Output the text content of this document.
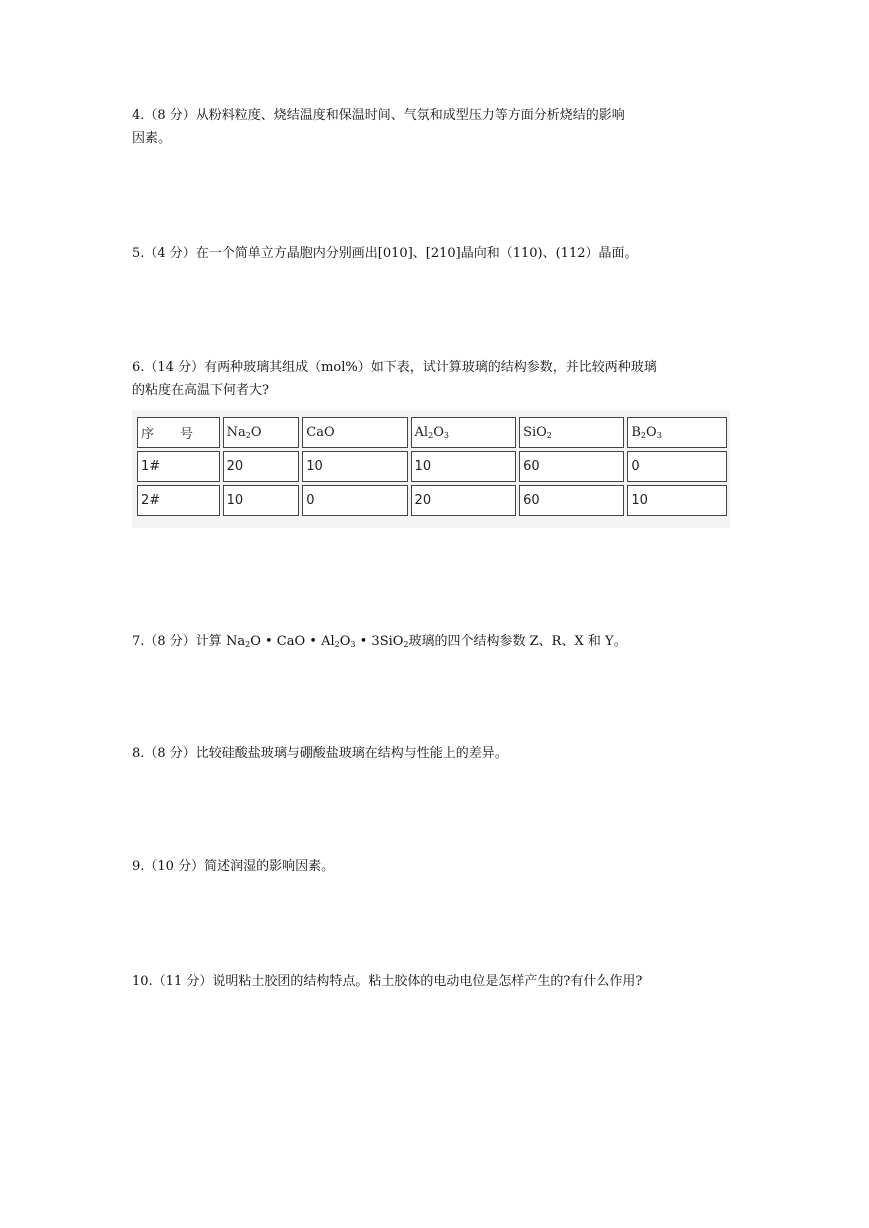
4.（8 分）从粉料粒度、烧结温度和保温时间、气氛和成型压力等方面分析烧结的影响
因素。
5.（4 分）在一个简单立方晶胞内分别画出[010]、[210]晶向和（110)、(112）晶面。
6.（14 分）有两种玻璃其组成（mol%）如下表，试计算玻璃的结构参数，并比较两种玻璃
的粘度在高温下何者大?
序　　号	$Na_2O$	CaO	$Al_2O_3$	SiO$_2$	$B_2O_3$
1#	20	10	10	60	0
2#	10	0	20	60	10
7.（8 分）计算 $Na_2O$ • CaO • $Al_2O_3$ • 3SiO$_2$玻璃的四个结构参数 Z、R、X 和 Y。
8.（8 分）比较硅酸盐玻璃与硼酸盐玻璃在结构与性能上的差异。
9.（10 分）简述润湿的影响因素。
10.（11 分）说明粘土胶团的结构特点。粘土胶体的电动电位是怎样产生的?有什么作用?
